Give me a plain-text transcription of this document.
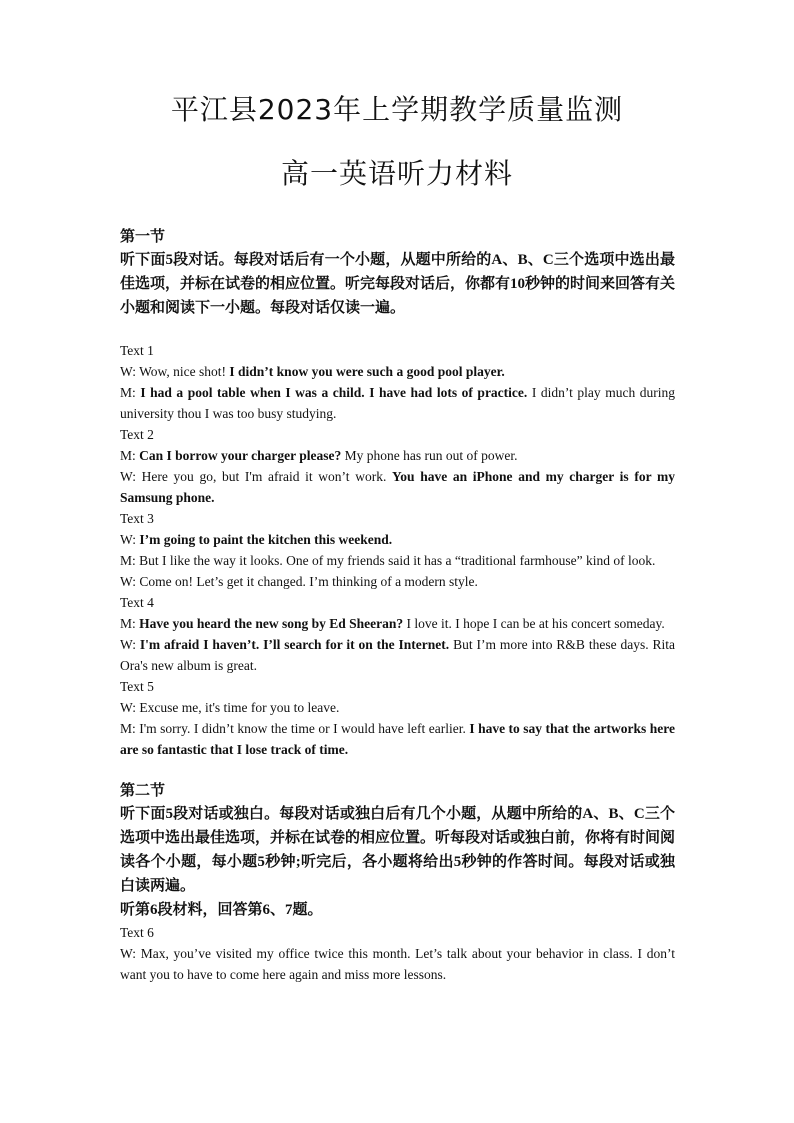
平江县2023年上学期教学质量监测
高一英语听力材料
第一节
听下面5段对话。每段对话后有一个小题，从题中所给的A、B、C三个选项中选出最佳选项，并标在试卷的相应位置。听完每段对话后，你都有10秒钟的时间来回答有关小题和阅读下一小题。每段对话仅读一遍。
Text 1
W: Wow, nice shot! I didn’t know you were such a good pool player.
M: I had a pool table when I was a child. I have had lots of practice. I didn’t play much during university thou I was too busy studying.
Text 2
M: Can I borrow your charger please? My phone has run out of power.
W: Here you go, but I'm afraid it won’t work. You have an iPhone and my charger is for my Samsung phone.
Text 3
W: I’m going to paint the kitchen this weekend.
M: But I like the way it looks. One of my friends said it has a “traditional farmhouse” kind of look.
W: Come on! Let’s get it changed. I’m thinking of a modern style.
Text 4
M: Have you heard the new song by Ed Sheeran? I love it. I hope I can be at his concert someday.
W: I'm afraid I haven’t. I’ll search for it on the Internet. But I’m more into R&B these days. Rita Ora's new album is great.
Text 5
W: Excuse me, it's time for you to leave.
M: I'm sorry. I didn’t know the time or I would have left earlier. I have to say that the artworks here are so fantastic that I lose track of time.
第二节
听下面5段对话或独白。每段对话或独白后有几个小题，从题中所给的A、B、C三个选项中选出最佳选项，并标在试卷的相应位置。听每段对话或独白前，你将有时间阅读各个小题，每小题5秒钟;听完后，各小题将给出5秒钟的作答时间。每段对话或独白读两遍。
听第6段材料，回答第6、7题。
Text 6
W: Max, you’ve visited my office twice this month. Let’s talk about your behavior in class. I don’t want you to have to come here again and miss more lessons.
